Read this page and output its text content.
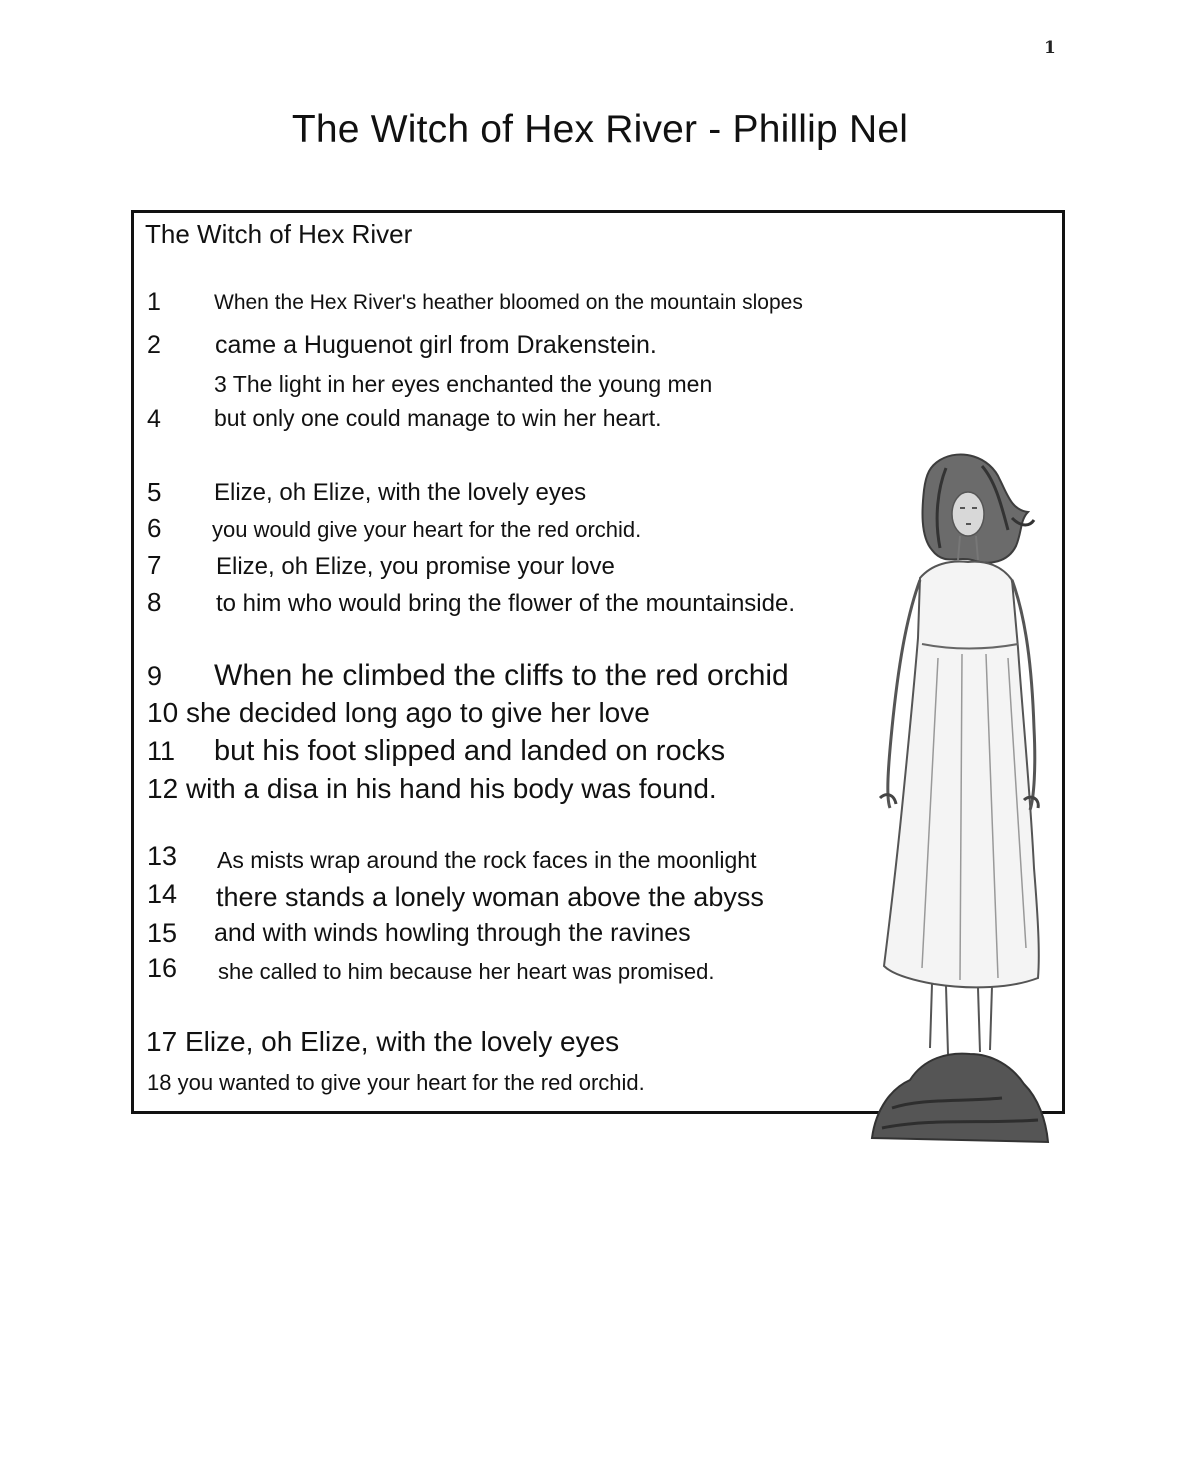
1
The Witch of Hex River - Phillip Nel
The Witch of Hex River
1	When the Hex River's heather bloomed on the mountain slopes
2 came a Huguenot girl from Drakenstein.
3 The light in her eyes enchanted the young men
4 but only one could manage to win her heart.
5 Elize, oh Elize, with the lovely eyes
6 you would give your heart for the red orchid.
7 Elize, oh Elize, you promise your love
8 to him who would bring the flower of the mountainside.
9 When he climbed the cliffs to the red orchid
10 she decided long ago to give her love
11 but his foot slipped and landed on rocks
12 with a disa in his hand his body was found.
13 As mists wrap around the rock faces in the moonlight
14 there stands a lonely woman above the abyss
15 and with winds howling through the ravines
16 she called to him because her heart was promised.
17 Elize, oh Elize, with the lovely eyes
18 you wanted to give your heart for the red orchid.
